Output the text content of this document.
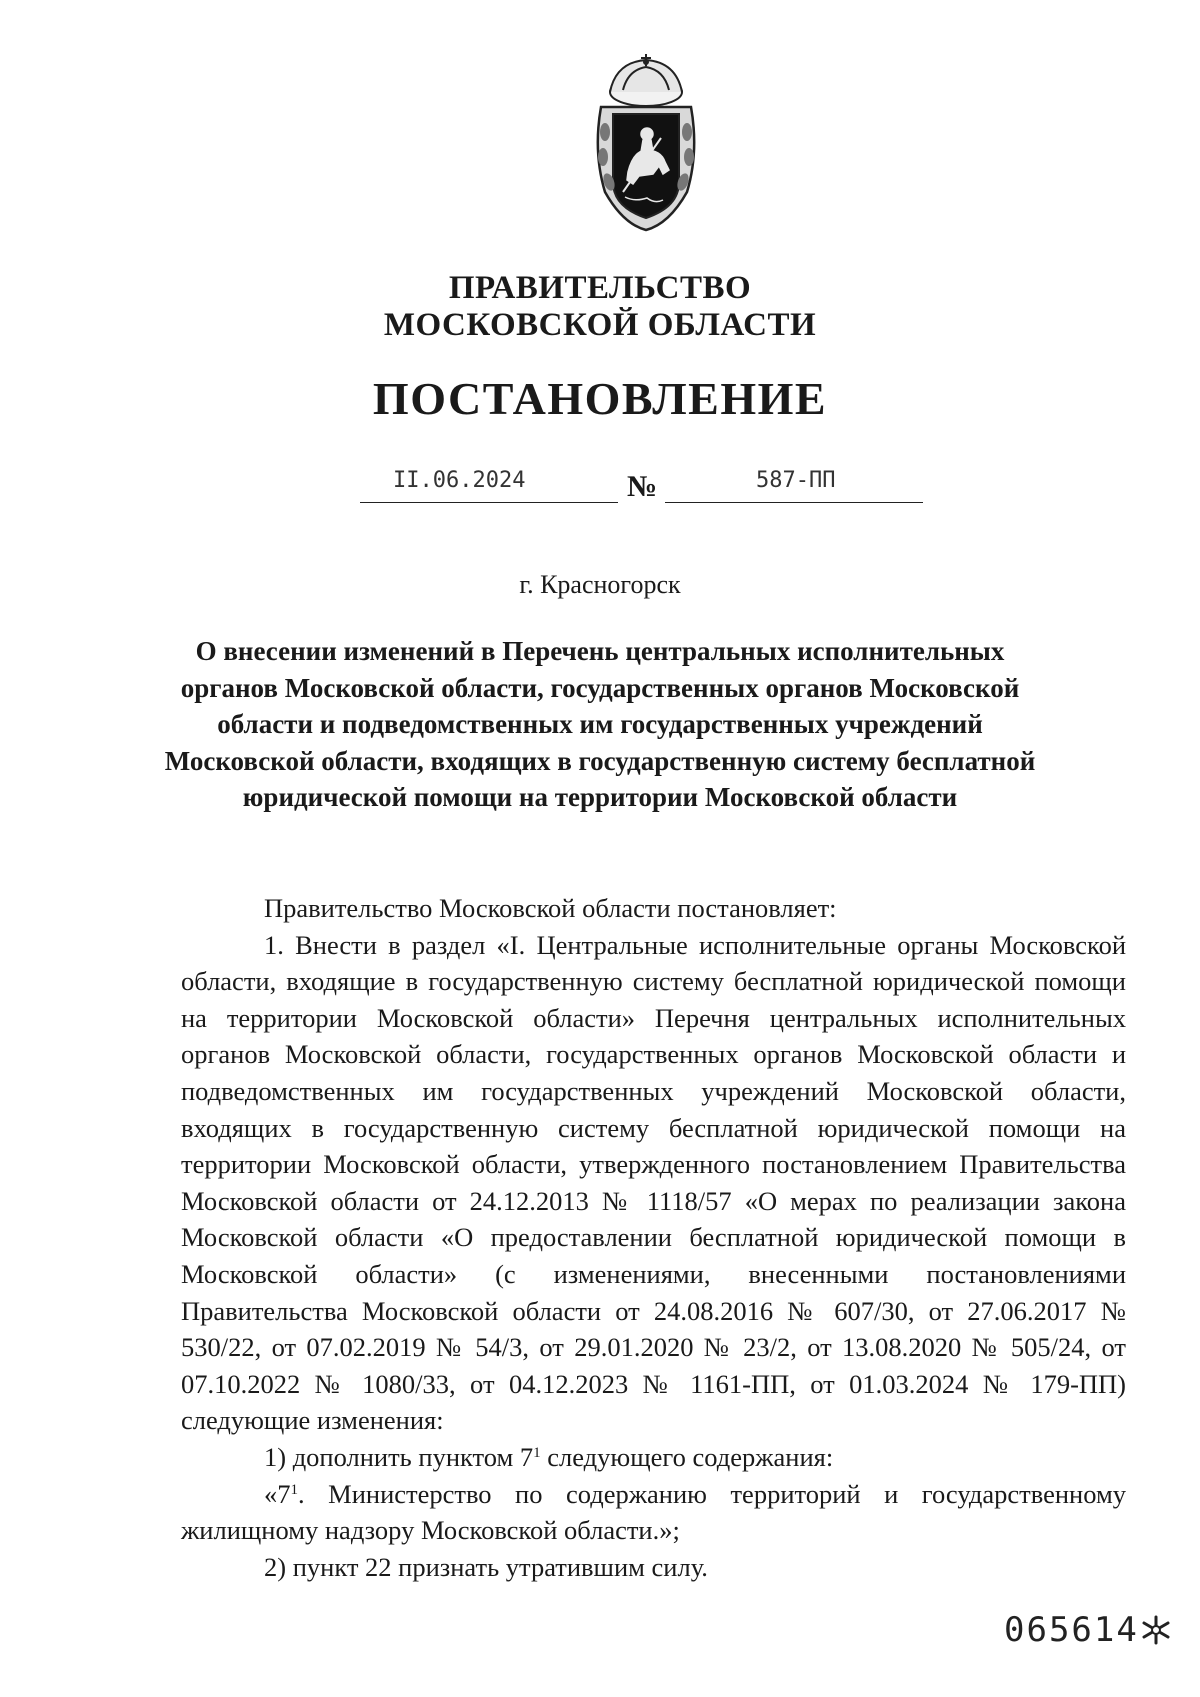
ПРАВИТЕЛЬСТВО
МОСКОВСКОЙ ОБЛАСТИ
ПОСТАНОВЛЕНИЕ
II.06.2024	№	587-ПП
г. Красногорск
О внесении изменений в Перечень центральных исполнительных органов Московской области, государственных органов Московской области и подведомственных им государственных учреждений Московской области, входящих в государственную систему бесплатной юридической помощи на территории Московской области

Правительство Московской области постановляет:

1. Внести в раздел «I. Центральные исполнительные органы Московской области, входящие в государственную систему бесплатной юридической помощи на территории Московской области» Перечня центральных исполнительных органов Московской области, государственных органов Московской области и подведомственных им государственных учреждений Московской области, входящих в государственную систему бесплатной юридической помощи на территории Московской области, утвержденного постановлением Правительства Московской области от 24.12.2013 № 1118/57 «О мерах по реализации закона Московской области «О предоставлении бесплатной юридической помощи в Московской области» (с изменениями, внесенными постановлениями Правительства Московской области от 24.08.2016 № 607/30, от 27.06.2017 № 530/22, от 07.02.2019 № 54/3, от 29.01.2020 № 23/2, от 13.08.2020 № 505/24, от 07.10.2022 № 1080/33, от 04.12.2023 № 1161-ПП, от 01.03.2024 № 179-ПП) следующие изменения:

1) дополнить пунктом $7^1$ следующего содержания:

«$7^1$. Министерство по содержанию территорий и государственному жилищному надзору Московской области.»;

2) пункт 22 признать утратившим силу.

065614
